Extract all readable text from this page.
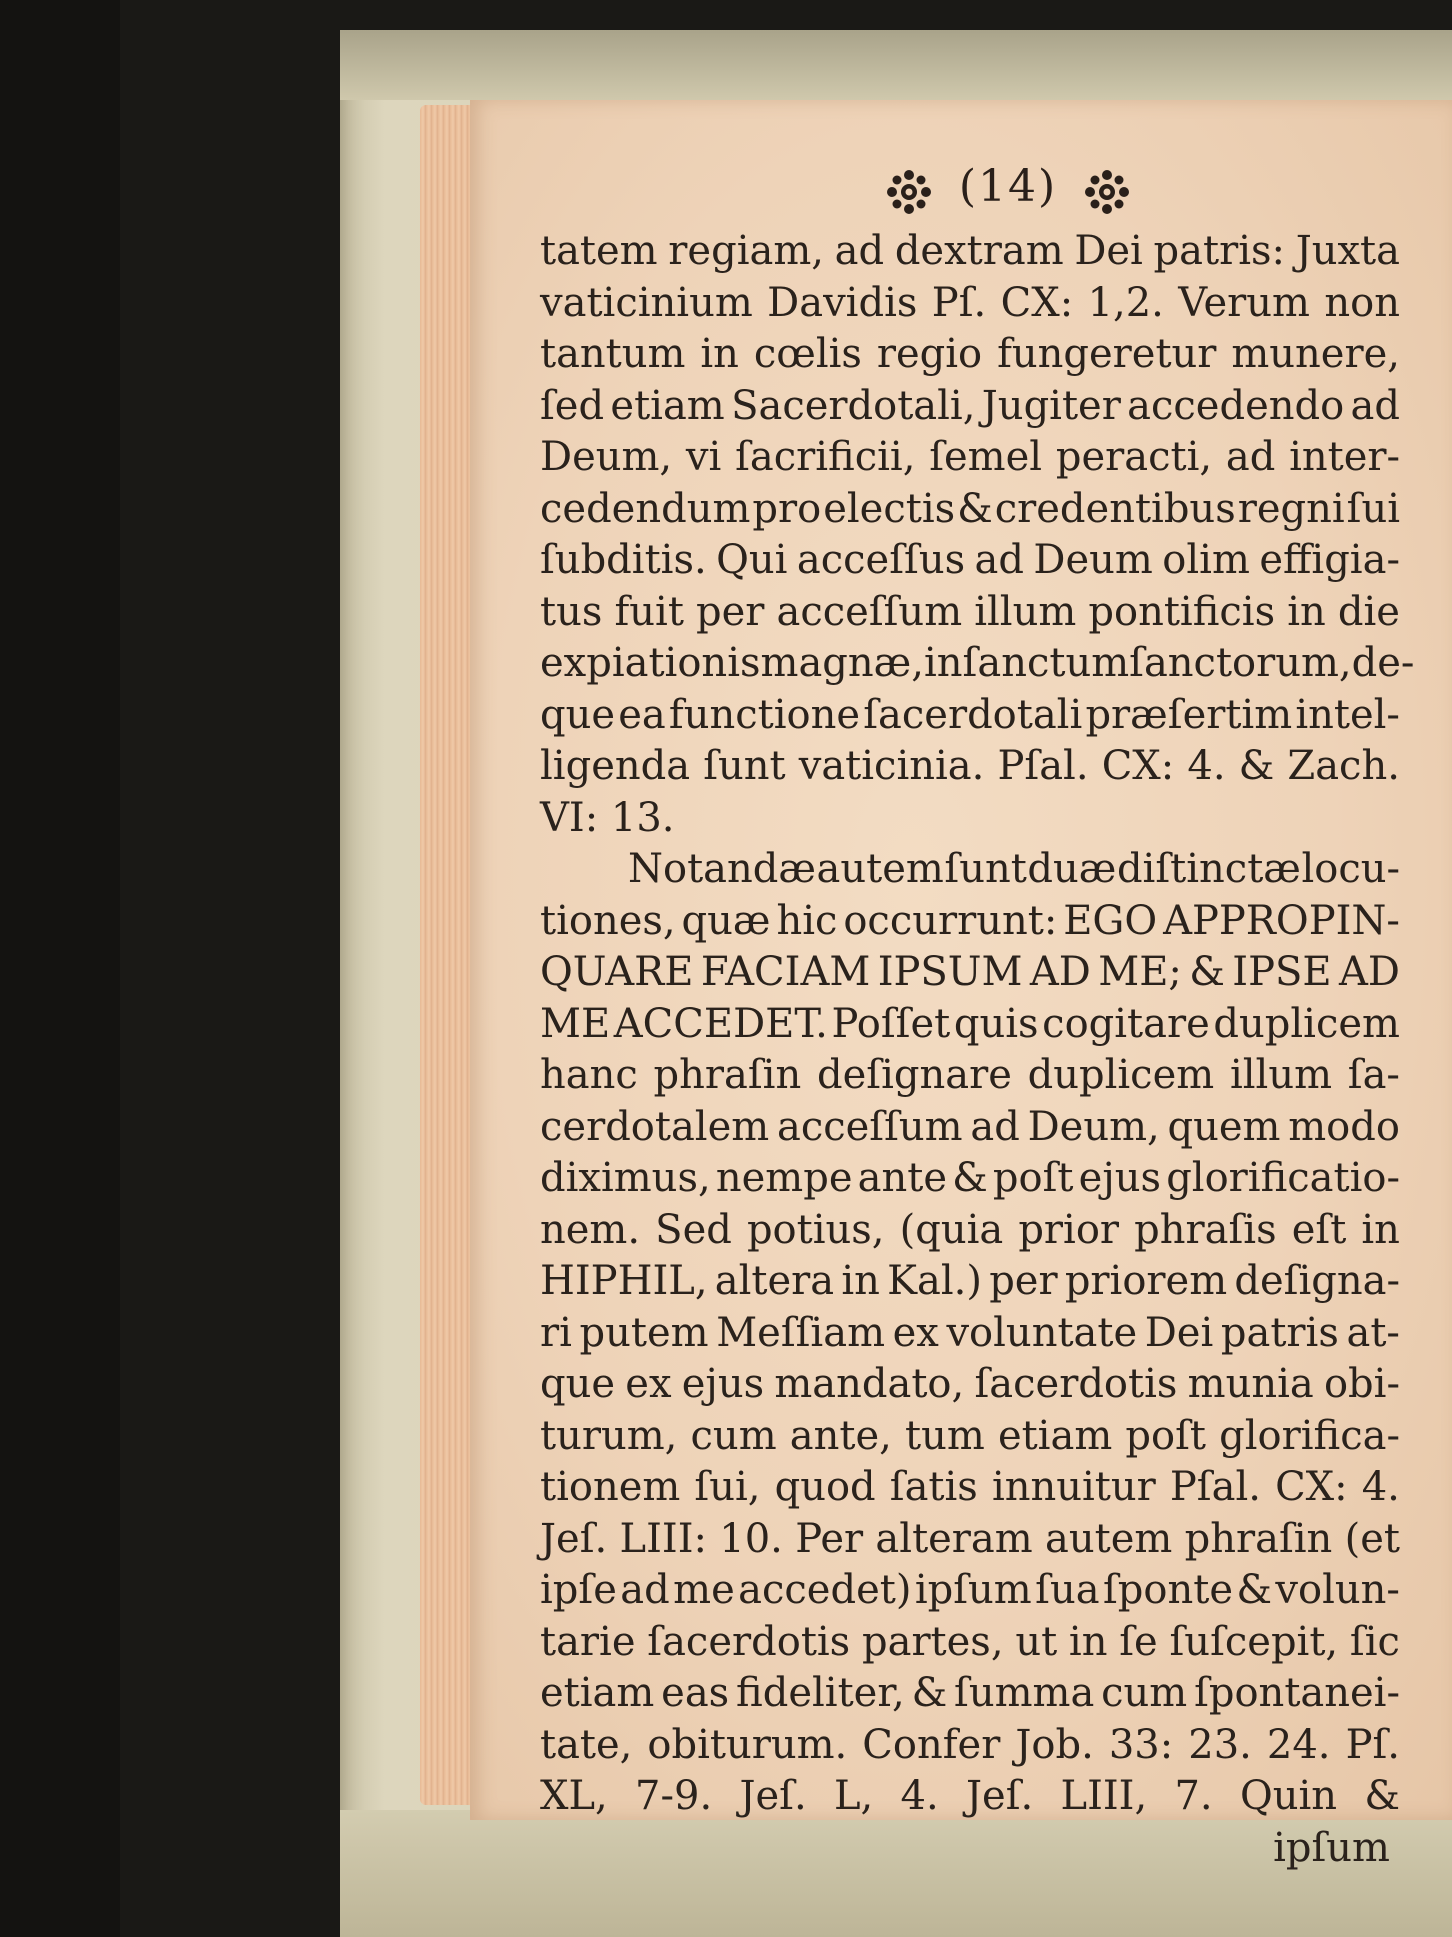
(14)
tatem regiam, ad dextram Dei patris: Juxta
vaticinium Davidis Pſ. CX: 1,2. Verum non
tantum in cœlis regio fungeretur munere,
ſed etiam Sacerdotali, Jugiter accedendo ad
Deum, vi ſacrificii, ſemel peracti, ad inter-
cedendum pro electis & credentibus regni ſui
ſubditis. Qui acceſſus ad Deum olim effigia-
tus fuit per acceſſum illum pontificis in die
expiationis magnæ, in ſanctum ſanctorum, de-
que ea functione ſacerdotali præſertim intel-
ligenda ſunt vaticinia. Pſal. CX: 4. & Zach.
VI: 13.
Notandæ autem ſunt duæ diſtinctæ locu-
tiones, quæ hic occurrunt: EGO APPROPIN-
QUARE FACIAM IPSUM AD ME; & IPSE AD
ME ACCEDET. Poſſet quis cogitare duplicem
hanc phraſin deſignare duplicem illum ſa-
cerdotalem acceſſum ad Deum, quem modo
diximus, nempe ante & poſt ejus glorificatio-
nem. Sed potius, (quia prior phraſis eſt in
HIPHIL, altera in Kal.) per priorem deſigna-
ri putem Meſſiam ex voluntate Dei patris at-
que ex ejus mandato, ſacerdotis munia obi-
turum, cum ante, tum etiam poſt glorifica-
tionem ſui, quod ſatis innuitur Pſal. CX: 4.
Jeſ. LIII: 10. Per alteram autem phraſin (et
ipſe ad me accedet) ipſum ſua ſponte & volun-
tarie ſacerdotis partes, ut in ſe ſuſcepit, ſic
etiam eas fideliter, & ſumma cum ſpontanei-
tate, obiturum. Confer Job. 33: 23. 24. Pſ.
XL, 7-9. Jeſ. L, 4. Jeſ. LIII, 7. Quin &
ipſum
